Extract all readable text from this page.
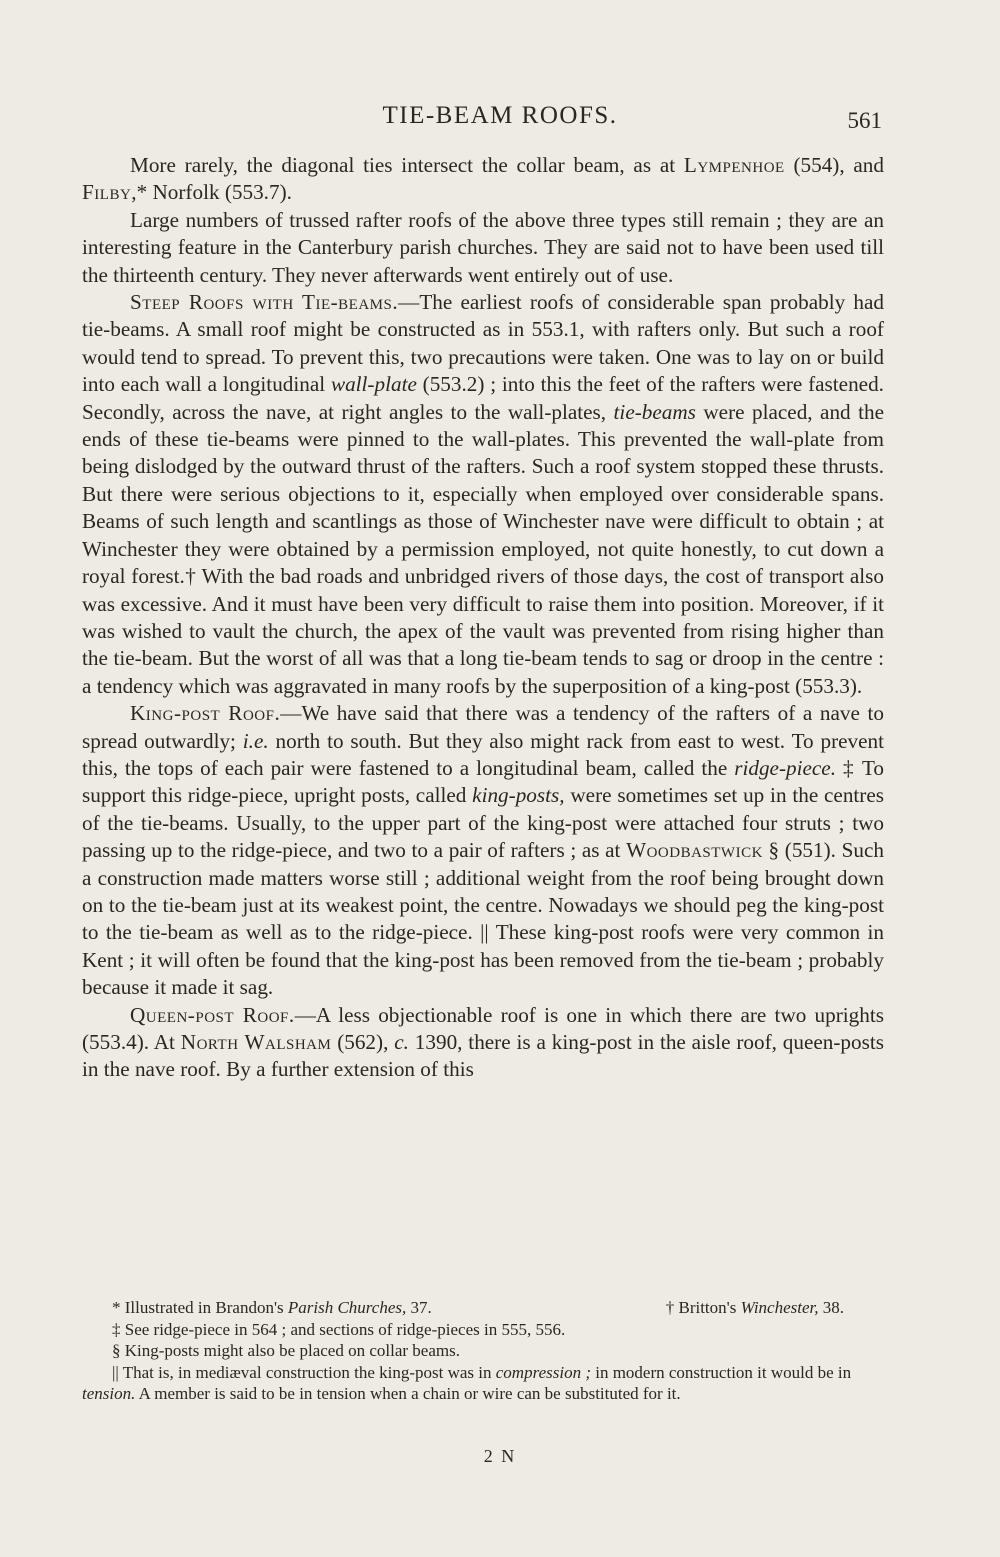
TIE-BEAM ROOFS.	561

More rarely, the diagonal ties intersect the collar beam, as at Lympenhoe (554), and Filby,* Norfolk (553.7).

Large numbers of trussed rafter roofs of the above three types still remain ; they are an interesting feature in the Canterbury parish churches. They are said not to have been used till the thirteenth century. They never afterwards went entirely out of use.

Steep Roofs with Tie-beams.—The earliest roofs of considerable span probably had tie-beams. A small roof might be constructed as in 553.1, with rafters only. But such a roof would tend to spread. To prevent this, two precautions were taken. One was to lay on or build into each wall a longitudinal wall-plate (553.2) ; into this the feet of the rafters were fastened. Secondly, across the nave, at right angles to the wall-plates, tie-beams were placed, and the ends of these tie-beams were pinned to the wall-plates. This prevented the wall-plate from being dislodged by the outward thrust of the rafters. Such a roof system stopped these thrusts. But there were serious objections to it, especially when employed over considerable spans. Beams of such length and scantlings as those of Winchester nave were difficult to obtain ; at Winchester they were obtained by a permission employed, not quite honestly, to cut down a royal forest.† With the bad roads and unbridged rivers of those days, the cost of transport also was excessive. And it must have been very difficult to raise them into position. Moreover, if it was wished to vault the church, the apex of the vault was prevented from rising higher than the tie-beam. But the worst of all was that a long tie-beam tends to sag or droop in the centre : a tendency which was aggravated in many roofs by the superposition of a king-post (553.3).

King-post Roof.—We have said that there was a tendency of the rafters of a nave to spread outwardly; i.e. north to south. But they also might rack from east to west. To prevent this, the tops of each pair were fastened to a longitudinal beam, called the ridge-piece. ‡ To support this ridge-piece, upright posts, called king-posts, were sometimes set up in the centres of the tie-beams. Usually, to the upper part of the king-post were attached four struts ; two passing up to the ridge-piece, and two to a pair of rafters ; as at Woodbastwick § (551). Such a construction made matters worse still ; additional weight from the roof being brought down on to the tie-beam just at its weakest point, the centre. Nowadays we should peg the king-post to the tie-beam as well as to the ridge-piece. || These king-post roofs were very common in Kent ; it will often be found that the king-post has been removed from the tie-beam ; probably because it made it sag.

Queen-post Roof.—A less objectionable roof is one in which there are two uprights (553.4). At North Walsham (562), c. 1390, there is a king-post in the aisle roof, queen-posts in the nave roof. By a further extension of this

* Illustrated in Brandon's Parish Churches, 37.	† Britton's Winchester, 38.

‡ See ridge-piece in 564 ; and sections of ridge-pieces in 555, 556.

§ King-posts might also be placed on collar beams.

|| That is, in mediæval construction the king-post was in compression ; in modern construction it would be in tension. A member is said to be in tension when a chain or wire can be substituted for it.

2 N
